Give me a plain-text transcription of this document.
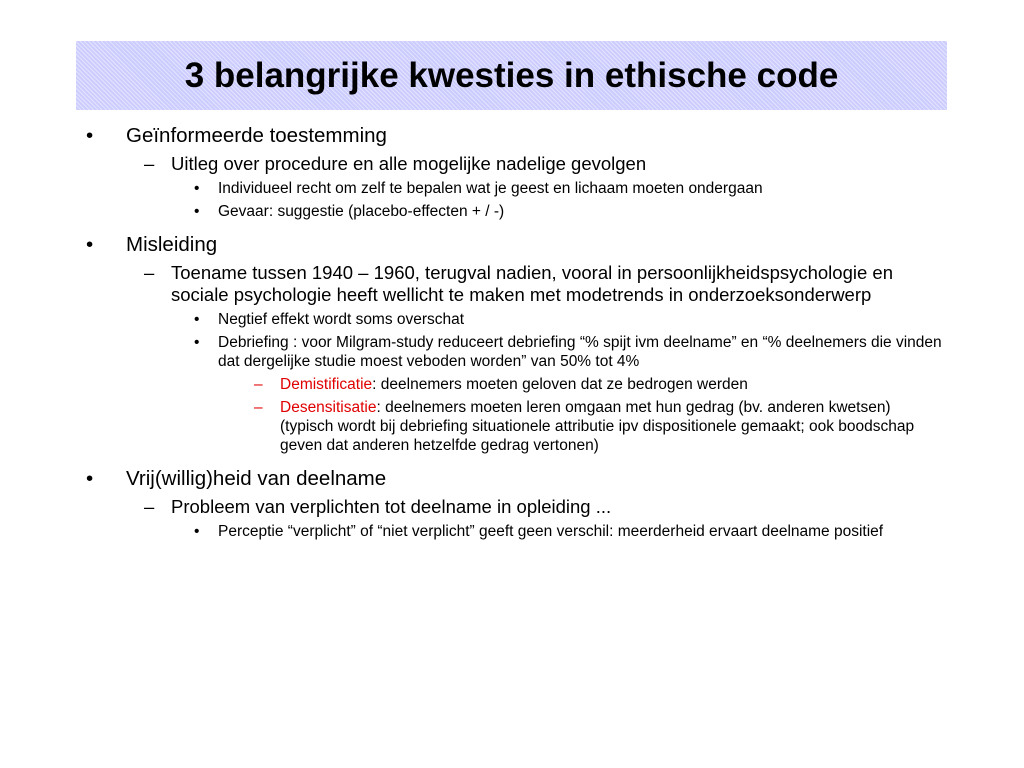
3 belangrijke kwesties in ethische code
• Geïnformeerde toestemming
– Uitleg over procedure en alle mogelijke nadelige gevolgen
• Individueel recht om zelf te bepalen wat je geest en lichaam moeten ondergaan
• Gevaar: suggestie (placebo-effecten + / -)
• Misleiding
– Toename tussen 1940 – 1960, terugval nadien, vooral in persoonlijkheidspsychologie en sociale psychologie heeft wellicht te maken met modetrends in onderzoeksonderwerp
• Negtief effekt wordt soms overschat
• Debriefing : voor Milgram-study reduceert debriefing “% spijt ivm deelname” en “% deelnemers die vinden dat dergelijke studie moest veboden worden” van 50% tot 4%
– Demistificatie: deelnemers moeten geloven dat ze bedrogen werden
– Desensitisatie: deelnemers moeten leren omgaan met hun gedrag (bv. anderen kwetsen) (typisch wordt bij debriefing situationele attributie ipv dispositionele gemaakt; ook boodschap geven dat anderen hetzelfde gedrag vertonen)
• Vrij(willig)heid van deelname
– Probleem van verplichten tot deelname in opleiding ...
• Perceptie “verplicht” of “niet verplicht” geeft geen verschil: meerderheid ervaart deelname positief
